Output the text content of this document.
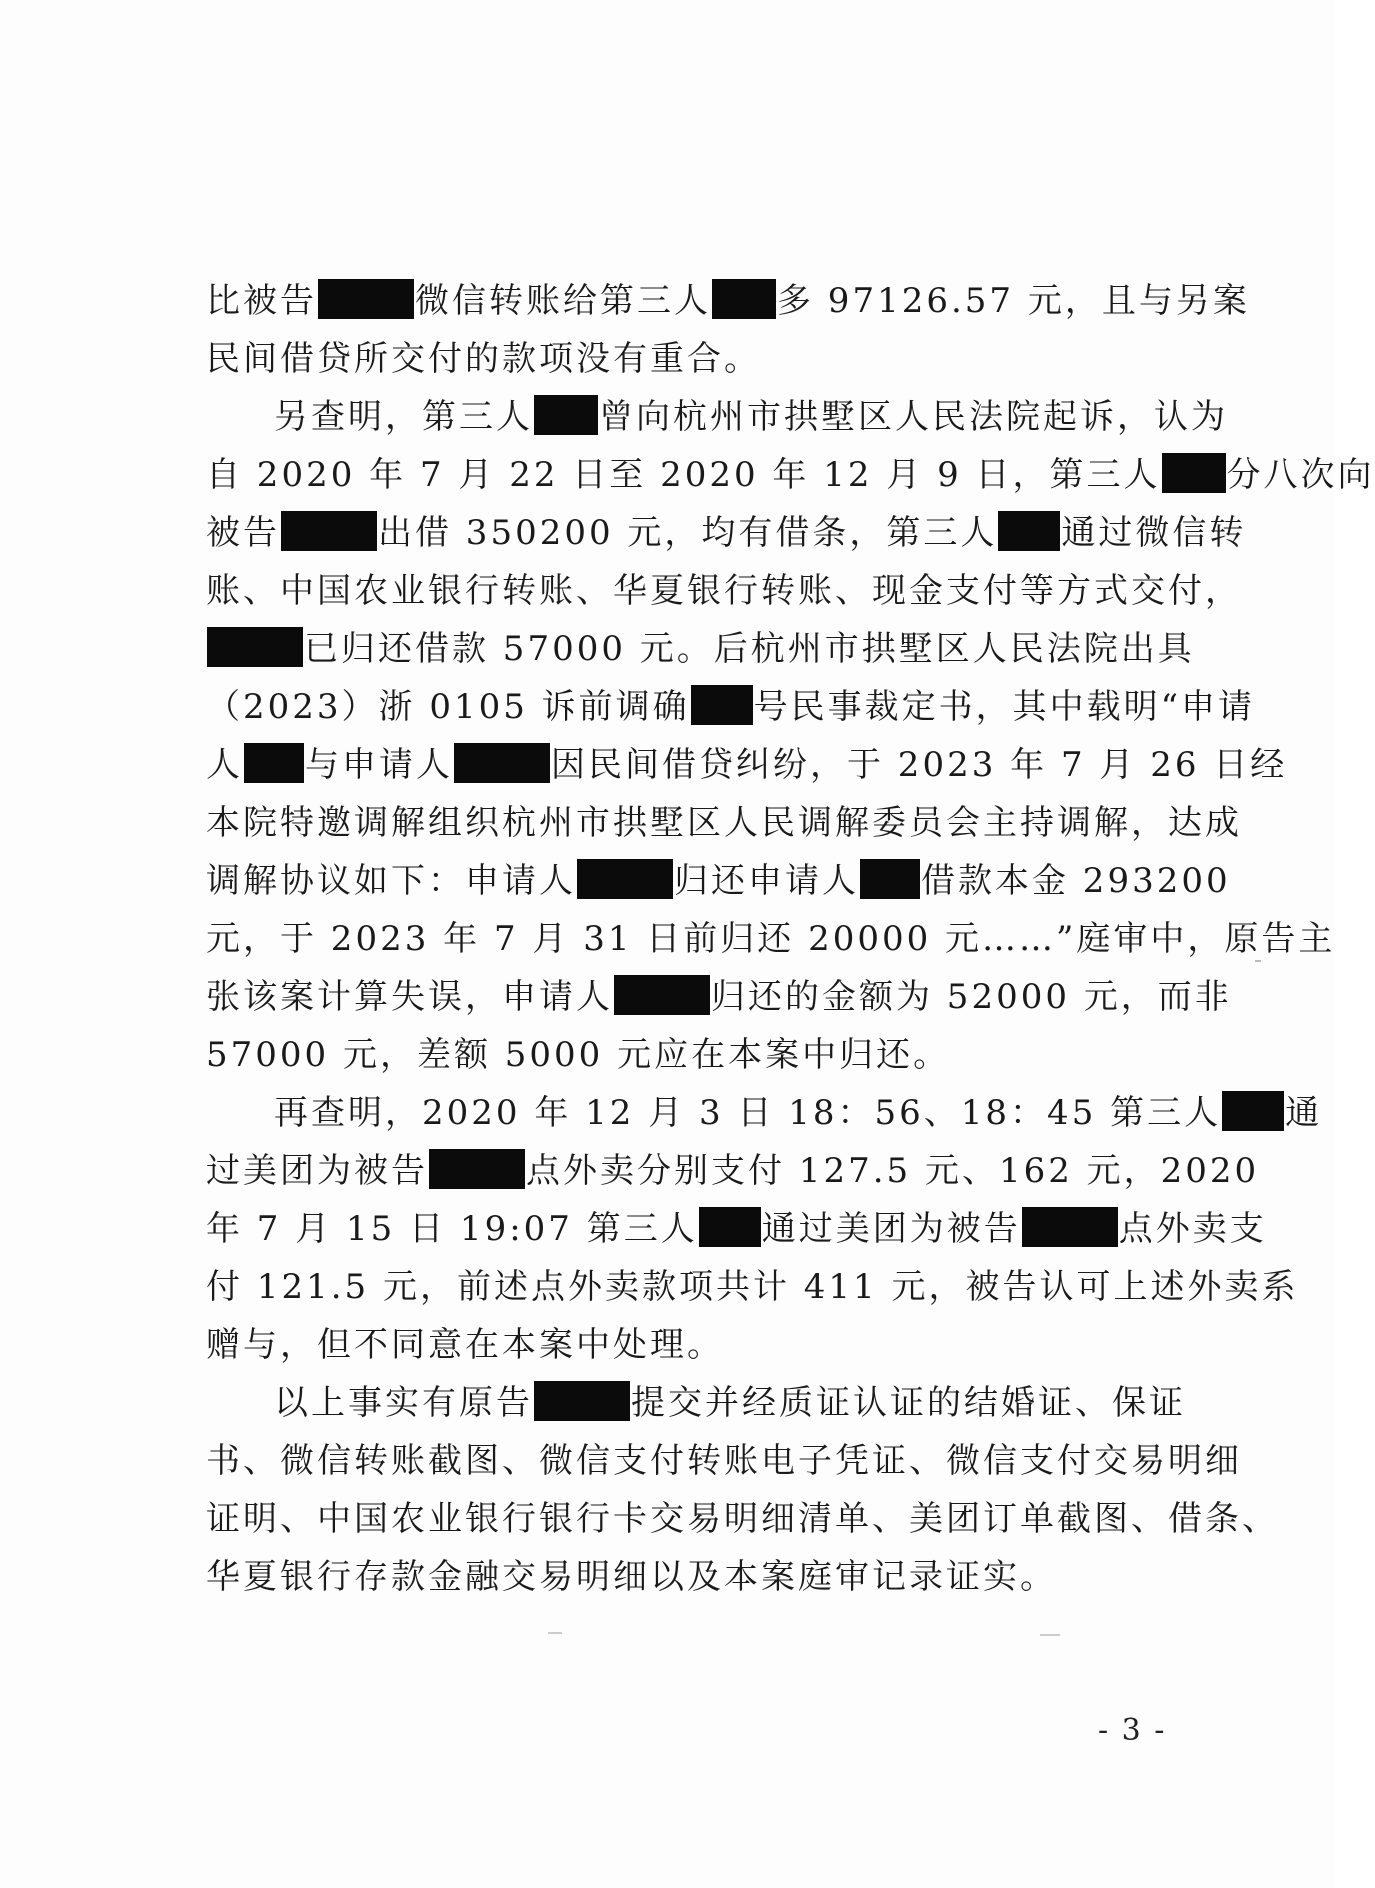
比被告	微信转账给第三人 多 97126.57 元，且与另案
民间借贷所交付的款项没有重合。
另查明，第三人 曾向杭州市拱墅区人民法院起诉，认为
自 2020 年 7 月 22 日至 2020 年 12 月 9 日，第三人 分八次向
被告	出借 350200 元，均有借条，第三人 通过微信转
账、中国农业银行转账、华夏银行转账、现金支付等方式交付，
已归还借款 57000 元。后杭州市拱墅区人民法院出具
（2023）浙 0105 诉前调确 号民事裁定书，其中载明“申请
人 与申请人	因民间借贷纠纷，于 2023 年 7 月 26 日经
本院特邀调解组织杭州市拱墅区人民调解委员会主持调解，达成
调解协议如下：申请人	归还申请人 借款本金 293200
元，于 2023 年 7 月 31 日前归还 20000 元……”庭审中，原告主
张该案计算失误，申请人	归还的金额为 52000 元，而非
57000 元，差额 5000 元应在本案中归还。
再查明，2020 年 12 月 3 日 18：56、18：45 第三人 通
过美团为被告	点外卖分别支付 127.5 元、162 元，2020
年 7 月 15 日 19:07 第三人 通过美团为被告	点外卖支
付 121.5 元，前述点外卖款项共计 411 元，被告认可上述外卖系
赠与，但不同意在本案中处理。
以上事实有原告	提交并经质证认证的结婚证、保证
书、微信转账截图、微信支付转账电子凭证、微信支付交易明细
证明、中国农业银行银行卡交易明细清单、美团订单截图、借条、
华夏银行存款金融交易明细以及本案庭审记录证实。
- 3 -
